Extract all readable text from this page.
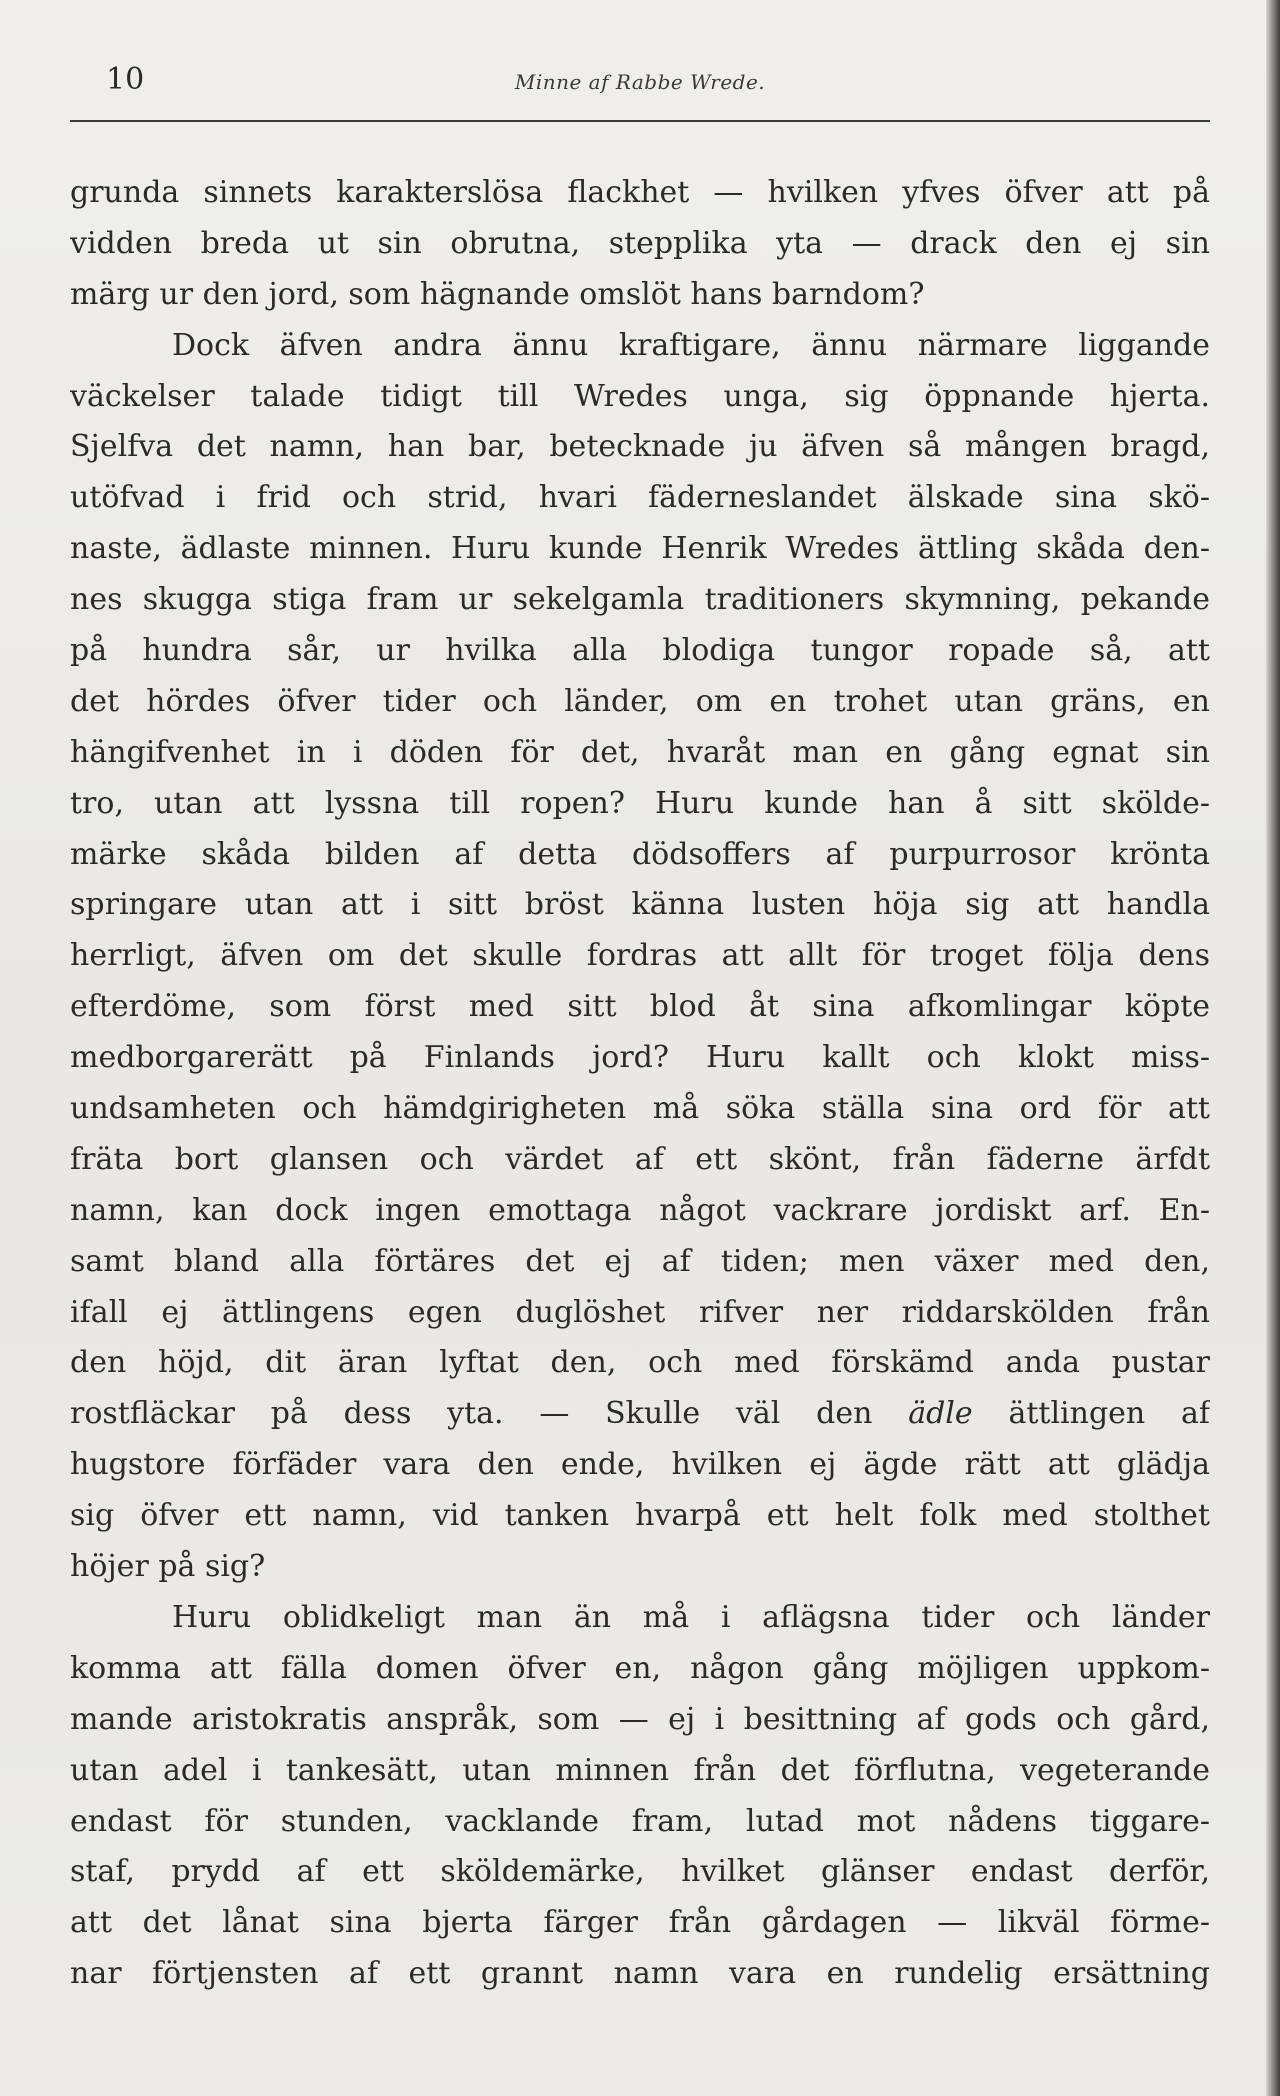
10	Minne af Rabbe Wrede.
grunda sinnets karakterslösa flackhet — hvilken yfves öfver att på
vidden breda ut sin obrutna, stepplika yta — drack den ej sin
märg ur den jord, som hägnande omslöt hans barndom?
Dock äfven andra ännu kraftigare, ännu närmare liggande
väckelser talade tidigt till Wredes unga, sig öppnande hjerta.
Sjelfva det namn, han bar, betecknade ju äfven så mången bragd,
utöfvad i frid och strid, hvari fäderneslandet älskade sina skö-
naste, ädlaste minnen. Huru kunde Henrik Wredes ättling skåda den-
nes skugga stiga fram ur sekelgamla traditioners skymning, pekande
på hundra sår, ur hvilka alla blodiga tungor ropade så, att
det hördes öfver tider och länder, om en trohet utan gräns, en
hängifvenhet in i döden för det, hvaråt man en gång egnat sin
tro, utan att lyssna till ropen? Huru kunde han å sitt skölde-
märke skåda bilden af detta dödsoffers af purpurrosor krönta
springare utan att i sitt bröst känna lusten höja sig att handla
herrligt, äfven om det skulle fordras att allt för troget följa dens
efterdöme, som först med sitt blod åt sina afkomlingar köpte
medborgarerätt på Finlands jord? Huru kallt och klokt miss-
undsamheten och hämdgirigheten må söka ställa sina ord för att
fräta bort glansen och värdet af ett skönt, från fäderne ärfdt
namn, kan dock ingen emottaga något vackrare jordiskt arf. En-
samt bland alla förtäres det ej af tiden; men växer med den,
ifall ej ättlingens egen duglöshet rifver ner riddarskölden från
den höjd, dit äran lyftat den, och med förskämd anda pustar
rostfläckar på dess yta. — Skulle väl den ädle ättlingen af
hugstore förfäder vara den ende, hvilken ej ägde rätt att glädja
sig öfver ett namn, vid tanken hvarpå ett helt folk med stolthet
höjer på sig?
Huru oblidkeligt man än må i aflägsna tider och länder
komma att fälla domen öfver en, någon gång möjligen uppkom-
mande aristokratis anspråk, som — ej i besittning af gods och gård,
utan adel i tankesätt, utan minnen från det förflutna, vegeterande
endast för stunden, vacklande fram, lutad mot nådens tiggare-
staf, prydd af ett sköldemärke, hvilket glänser endast derför,
att det lånat sina bjerta färger från gårdagen — likväl förme-
nar förtjensten af ett grannt namn vara en rundelig ersättning
